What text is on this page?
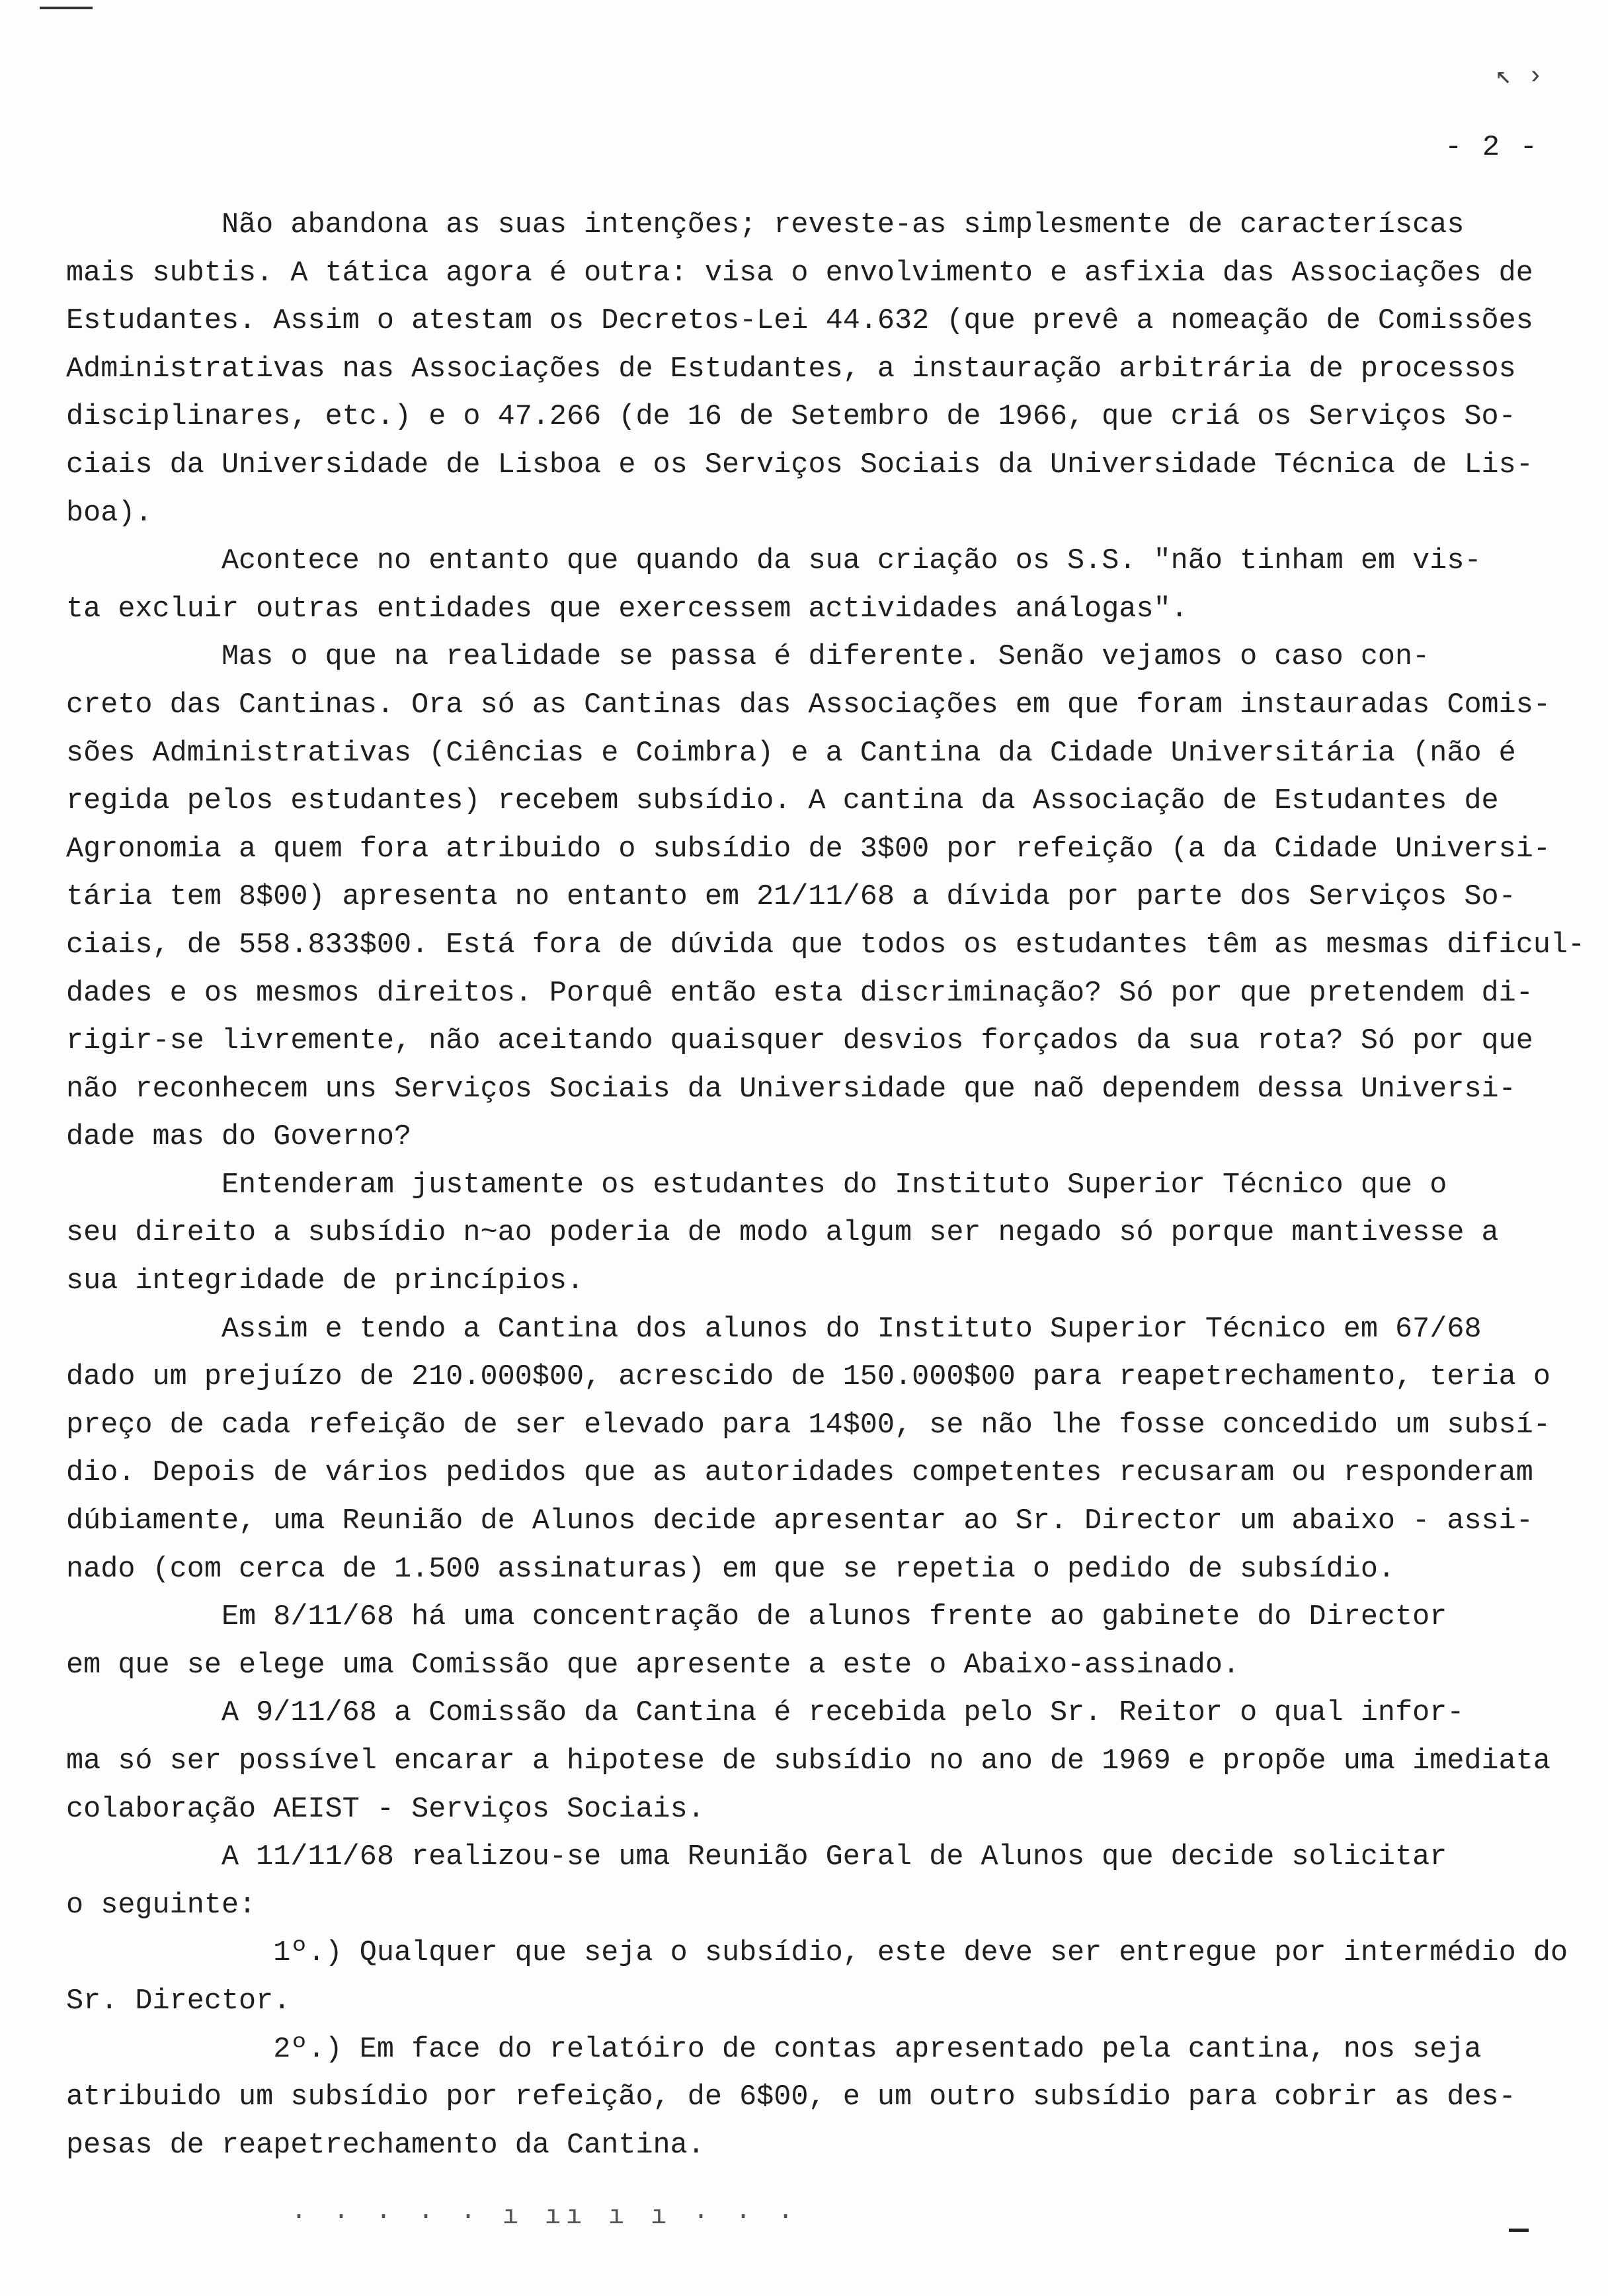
↖ ›
- 2 -
Não abandona as suas intenções; reveste-as simplesmente de caracteríscas
mais subtis. A tática agora é outra: visa o envolvimento e asfixia das Associações de
Estudantes. Assim o atestam os Decretos-Lei 44.632 (que prevê a nomeação de Comissões
Administrativas nas Associações de Estudantes, a instauração arbitrária de processos
disciplinares, etc.) e o 47.266 (de 16 de Setembro de 1966, que criá os Serviços So-
ciais da Universidade de Lisboa e os Serviços Sociais da Universidade Técnica de Lis-
boa).
Acontece no entanto que quando da sua criação os S.S. "não tinham em vis-
ta excluir outras entidades que exercessem actividades análogas".
Mas o que na realidade se passa é diferente. Senão vejamos o caso con-
creto das Cantinas. Ora só as Cantinas das Associações em que foram instauradas Comis-
sões Administrativas (Ciências e Coimbra) e a Cantina da Cidade Universitária (não é
regida pelos estudantes) recebem subsídio. A cantina da Associação de Estudantes de
Agronomia a quem fora atribuido o subsídio de 3$00 por refeição (a da Cidade Universi-
tária tem 8$00) apresenta no entanto em 21/11/68 a dívida por parte dos Serviços So-
ciais, de 558.833$00. Está fora de dúvida que todos os estudantes têm as mesmas dificul-
dades e os mesmos direitos. Porquê então esta discriminação? Só por que pretendem di-
rigir-se livremente, não aceitando quaisquer desvios forçados da sua rota? Só por que
não reconhecem uns Serviços Sociais da Universidade que naõ dependem dessa Universi-
dade mas do Governo?
Entenderam justamente os estudantes do Instituto Superior Técnico que o
seu direito a subsídio n~ao poderia de modo algum ser negado só porque mantivesse a
sua integridade de princípios.
Assim e tendo a Cantina dos alunos do Instituto Superior Técnico em 67/68
dado um prejuízo de 210.000$00, acrescido de 150.000$00 para reapetrechamento, teria o
preço de cada refeição de ser elevado para 14$00, se não lhe fosse concedido um subsí-
dio. Depois de vários pedidos que as autoridades competentes recusaram ou responderam
dúbiamente, uma Reunião de Alunos decide apresentar ao Sr. Director um abaixo - assi-
nado (com cerca de 1.500 assinaturas) em que se repetia o pedido de subsídio.
Em 8/11/68 há uma concentração de alunos frente ao gabinete do Director
em que se elege uma Comissão que apresente a este o Abaixo-assinado.
A 9/11/68 a Comissão da Cantina é recebida pelo Sr. Reitor o qual infor-
ma só ser possível encarar a hipotese de subsídio no ano de 1969 e propõe uma imediata
colaboração AEIST - Serviços Sociais.
A 11/11/68 realizou-se uma Reunião Geral de Alunos que decide solicitar
o seguinte:
1º.) Qualquer que seja o subsídio, este deve ser entregue por intermédio do
Sr. Director.
2º.) Em face do relatóiro de contas apresentado pela cantina, nos seja
atribuido um subsídio por refeição, de 6$00, e um outro subsídio para cobrir as des-
pesas de reapetrechamento da Cantina.
· · · · · ı ıı ı ı · · ·
